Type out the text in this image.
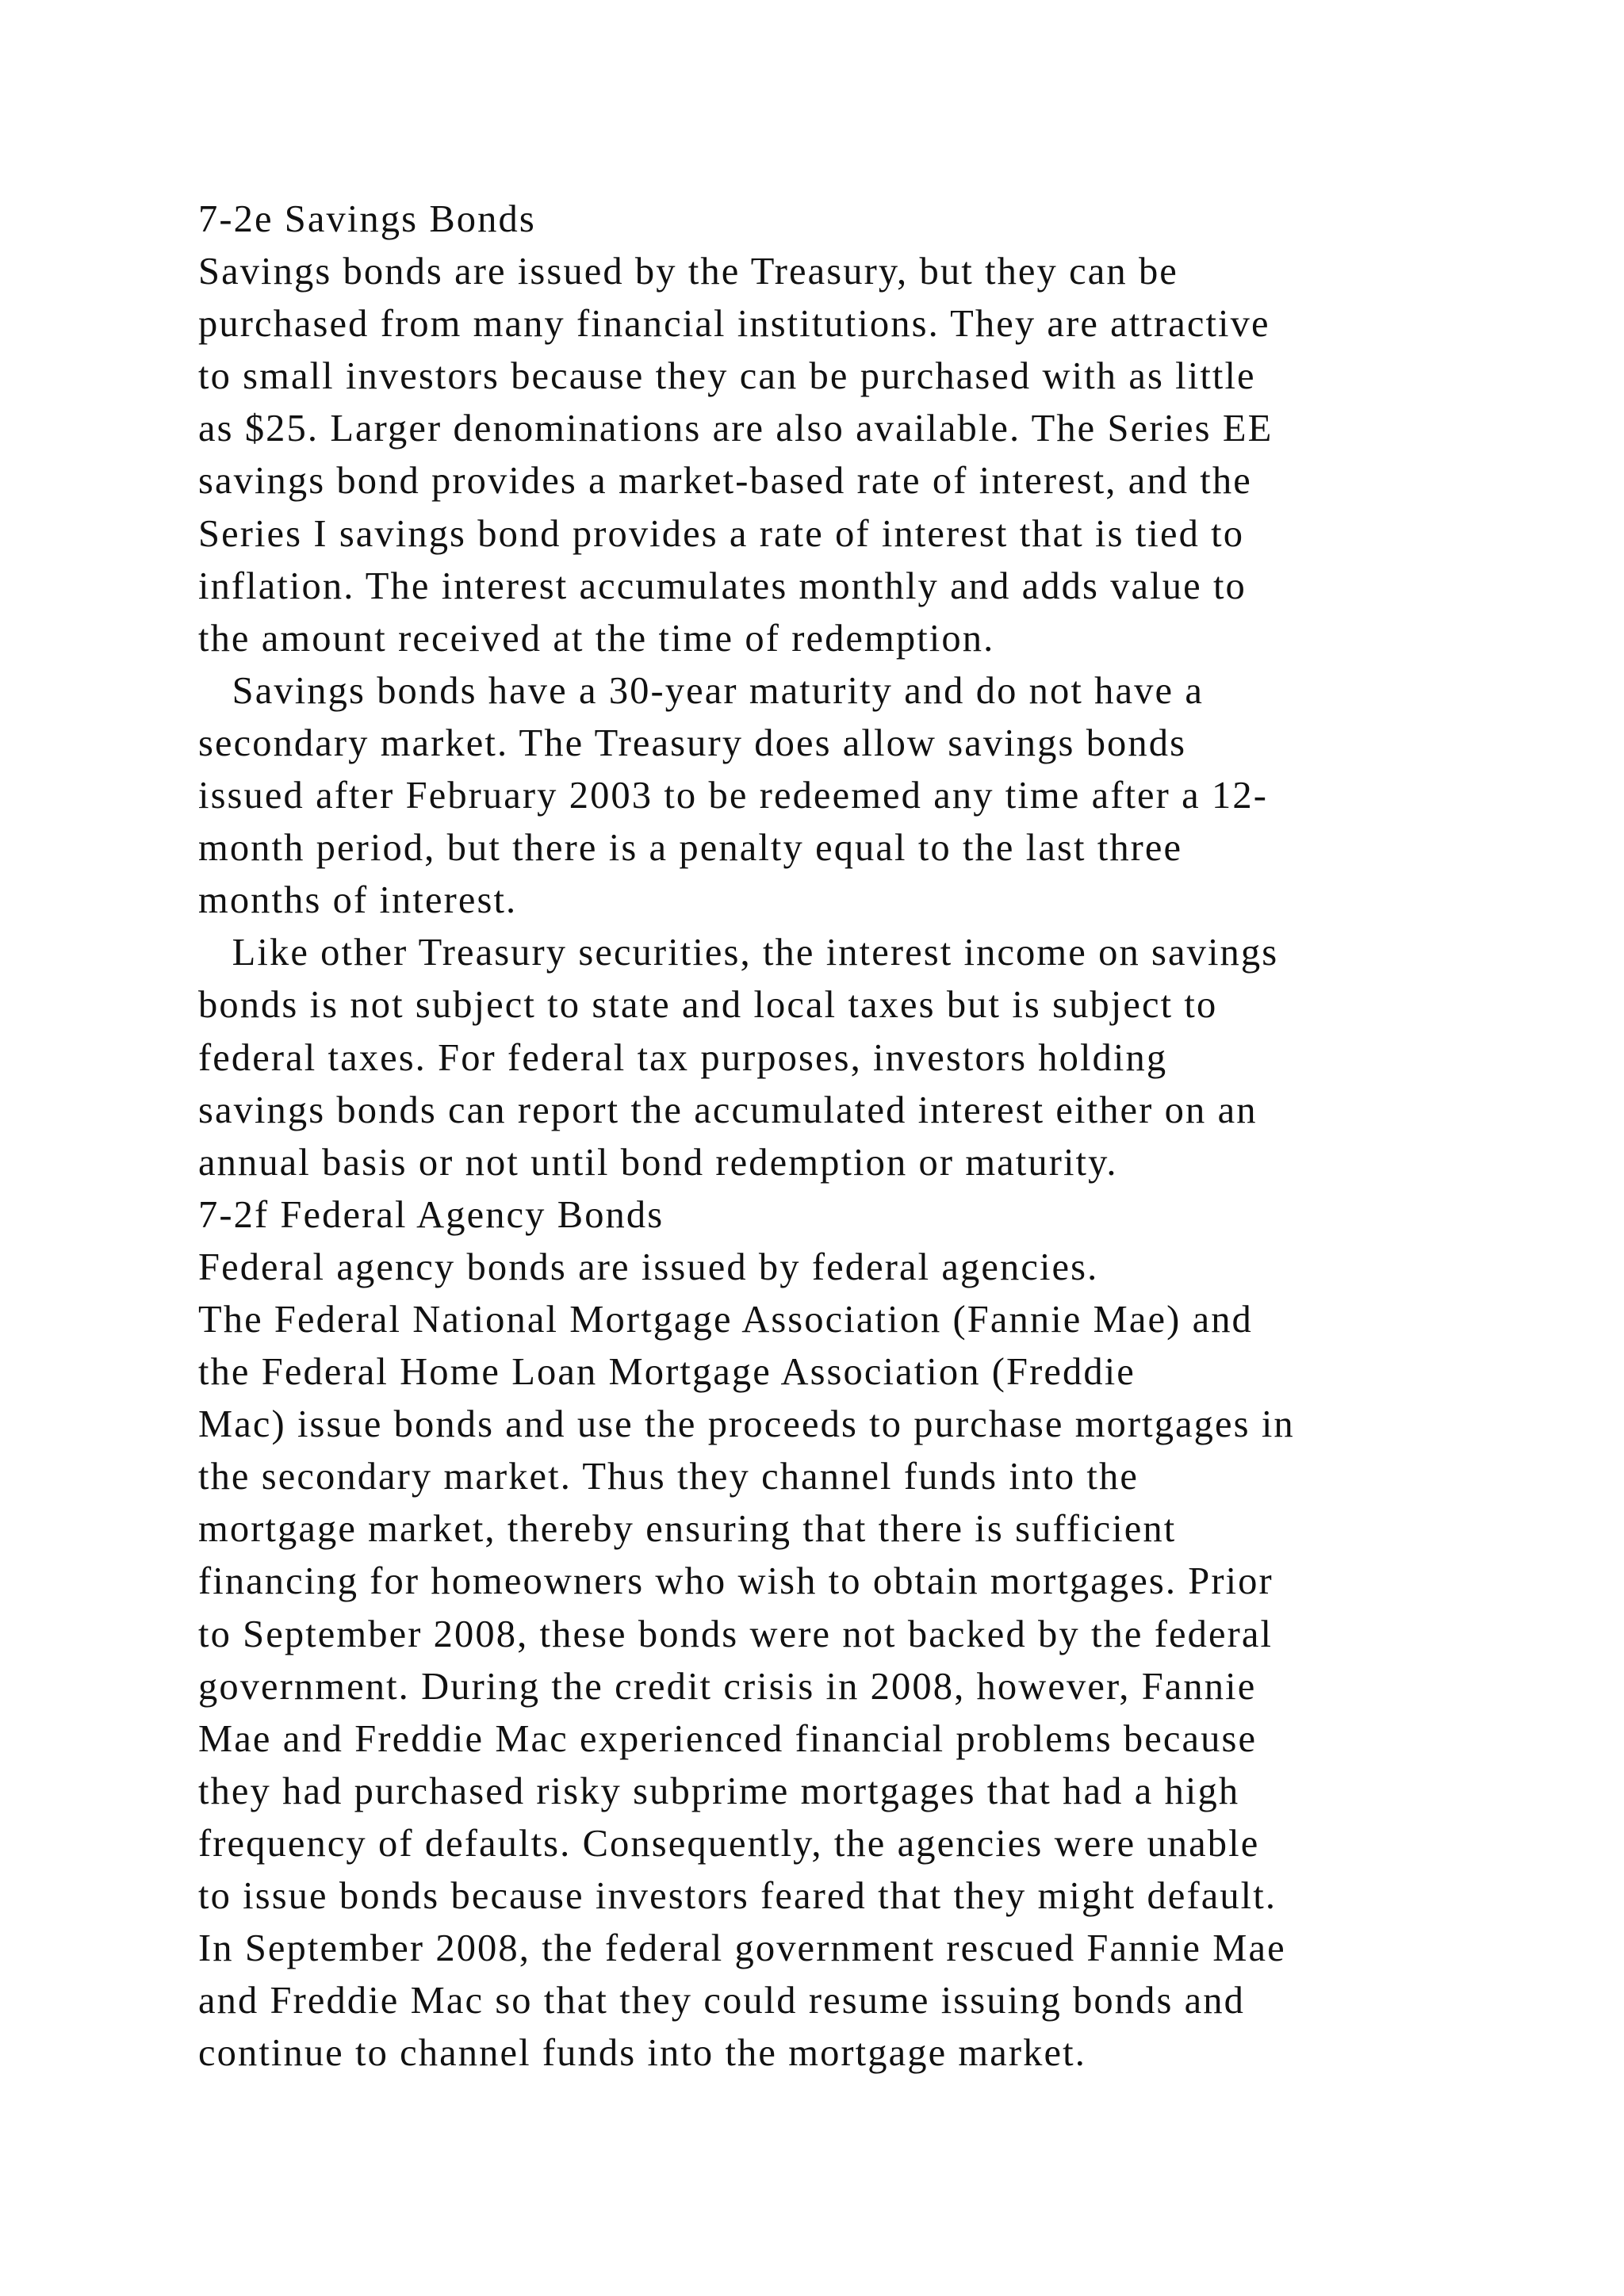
7-2e Savings Bonds
Savings bonds are issued by the Treasury, but they can be
purchased from many financial institutions. They are attractive
to small investors because they can be purchased with as little
as $25. Larger denominations are also available. The Series EE
savings bond provides a market-based rate of interest, and the
Series I savings bond provides a rate of interest that is tied to
inflation. The interest accumulates monthly and adds value to
the amount received at the time of redemption.
Savings bonds have a 30-year maturity and do not have a
secondary market. The Treasury does allow savings bonds
issued after February 2003 to be redeemed any time after a 12-
month period, but there is a penalty equal to the last three
months of interest.
Like other Treasury securities, the interest income on savings
bonds is not subject to state and local taxes but is subject to
federal taxes. For federal tax purposes, investors holding
savings bonds can report the accumulated interest either on an
annual basis or not until bond redemption or maturity.
7-2f Federal Agency Bonds
Federal agency bonds are issued by federal agencies.
The Federal National Mortgage Association (Fannie Mae) and
the Federal Home Loan Mortgage Association (Freddie
Mac) issue bonds and use the proceeds to purchase mortgages in
the secondary market. Thus they channel funds into the
mortgage market, thereby ensuring that there is sufficient
financing for homeowners who wish to obtain mortgages. Prior
to September 2008, these bonds were not backed by the federal
government. During the credit crisis in 2008, however, Fannie
Mae and Freddie Mac experienced financial problems because
they had purchased risky subprime mortgages that had a high
frequency of defaults. Consequently, the agencies were unable
to issue bonds because investors feared that they might default.
In September 2008, the federal government rescued Fannie Mae
and Freddie Mac so that they could resume issuing bonds and
continue to channel funds into the mortgage market.
